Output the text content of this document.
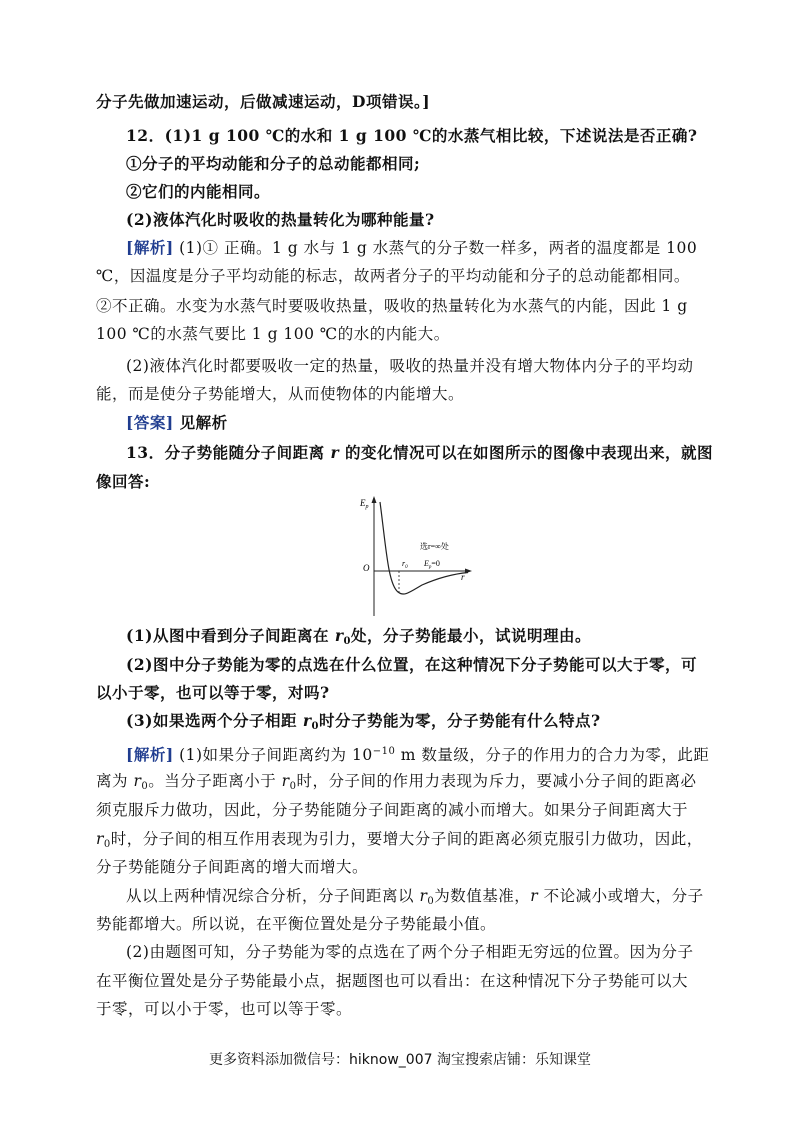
分子先做加速运动，后做减速运动，D项错误。]
12．(1)1 g 100 ℃的水和 1 g 100 ℃的水蒸气相比较，下述说法是否正确?
①分子的平均动能和分子的总动能都相同;
②它们的内能相同。
(2)液体汽化时吸收的热量转化为哪种能量?
[解析] (1)① 正确。1 g 水与 1 g 水蒸气的分子数一样多，两者的温度都是 100
℃，因温度是分子平均动能的标志，故两者分子的平均动能和分子的总动能都相同。
②不正确。水变为水蒸气时要吸收热量，吸收的热量转化为水蒸气的内能，因此 1 g
100 ℃的水蒸气要比 1 g 100 ℃的水的内能大。
(2)液体汽化时都要吸收一定的热量，吸收的热量并没有增大物体内分子的平均动
能，而是使分子势能增大，从而使物体的内能增大。
[答案] 见解析
13．分子势能随分子间距离 r 的变化情况可以在如图所示的图像中表现出来，就图
像回答:
$E_p$
O
r
$r_0$
选r=∞处
$E_p=0$
(1)从图中看到分子间距离在 $r_0$处，分子势能最小，试说明理由。
(2)图中分子势能为零的点选在什么位置，在这种情况下分子势能可以大于零，可
以小于零，也可以等于零，对吗?
(3)如果选两个分子相距 $r_0$时分子势能为零，分子势能有什么特点?
[解析] (1)如果分子间距离约为 $10^{-10}$ m 数量级，分子的作用力的合力为零，此距
离为 $r_0$。当分子距离小于 $r_0$时，分子间的作用力表现为斥力，要减小分子间的距离必
须克服斥力做功，因此，分子势能随分子间距离的减小而增大。如果分子间距离大于
$r_0$时，分子间的相互作用表现为引力，要增大分子间的距离必须克服引力做功，因此，
分子势能随分子间距离的增大而增大。
从以上两种情况综合分析，分子间距离以 $r_0$为数值基准，r 不论减小或增大，分子
势能都增大。所以说，在平衡位置处是分子势能最小值。
(2)由题图可知，分子势能为零的点选在了两个分子相距无穷远的位置。因为分子
在平衡位置处是分子势能最小点，据题图也可以看出：在这种情况下分子势能可以大
于零，可以小于零，也可以等于零。
更多资料添加微信号：hiknow_007 淘宝搜索店铺：乐知课堂
